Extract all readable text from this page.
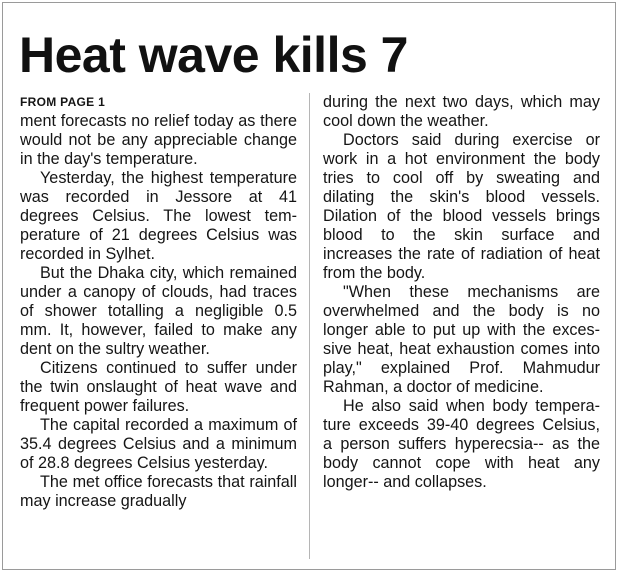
Heat wave kills 7
FROM PAGE 1

ment forecasts no relief today as there would not be any appreciable change in the day's temperature.

Yesterday, the highest temperature was recorded in Jessore at 41 degrees Celsius. The lowest temperature of 21 degrees Celsius was recorded in Sylhet.

But the Dhaka city, which remained under a canopy of clouds, had traces of shower totalling a negligible 0.5 mm. It, however, failed to make any dent on the sultry weather.

Citizens continued to suffer under the twin onslaught of heat wave and frequent power failures.

The capital recorded a maximum of 35.4 degrees Celsius and a minimum of 28.8 degrees Celsius yesterday.

The met office forecasts that rainfall may increase gradually

during the next two days, which may cool down the weather.

Doctors said during exercise or work in a hot environment the body tries to cool off by sweating and dilating the skin's blood vessels. Dilation of the blood vessels brings blood to the skin surface and increases the rate of radiation of heat from the body.

"When these mechanisms are overwhelmed and the body is no longer able to put up with the excessive heat, heat exhaustion comes into play," explained Prof. Mahmudur Rahman, a doctor of medicine.

He also said when body temperature exceeds 39-40 degrees Celsius, a person suffers hyperecsia-- as the body cannot cope with heat any longer-- and collapses.
